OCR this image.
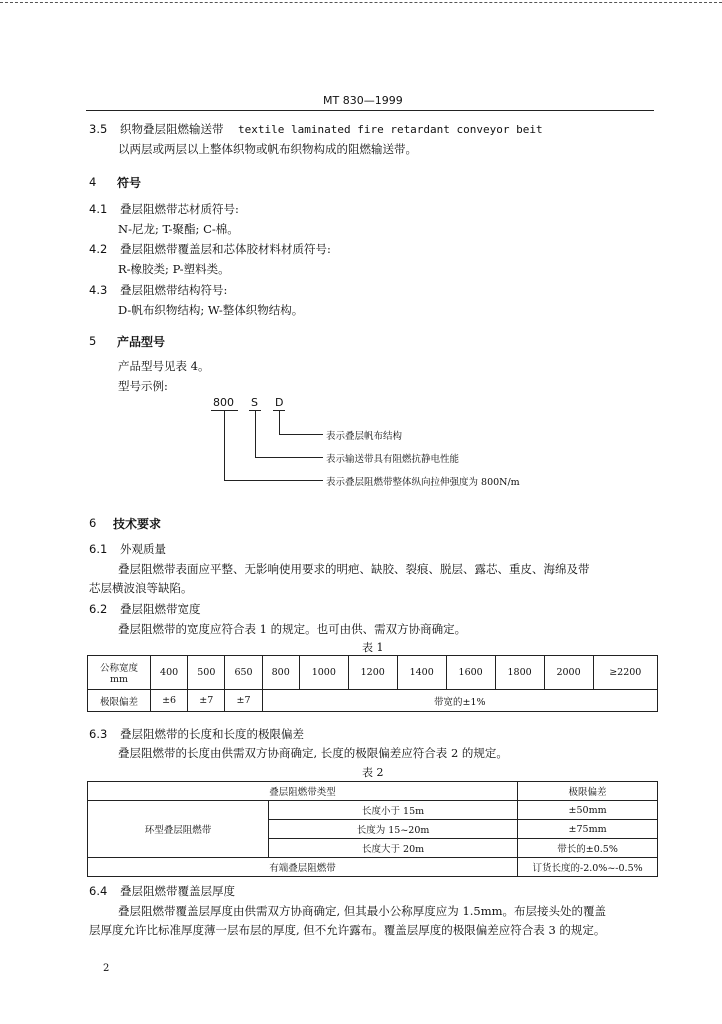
MT 830—1999
3.5 织物叠层阻燃输送带 textile laminated fire retardant conveyor beit
以两层或两层以上整体织物或帆布织物构成的阻燃输送带。
4 符号
4.1 叠层阻燃带芯材质符号:
N-尼龙; T-聚酯; C-棉。
4.2 叠层阻燃带覆盖层和芯体胶材料材质符号:
R-橡胶类; P-塑料类。
4.3 叠层阻燃带结构符号:
D-帆布织物结构; W-整体织物结构。
5 产品型号
产品型号见表 4。
型号示例:
800 S D
表示叠层帆布结构
表示输送带具有阻燃抗静电性能
表示叠层阻燃带整体纵向拉伸强度为 800N/m
6 技术要求
6.1 外观质量
叠层阻燃带表面应平整、无影响使用要求的明疤、缺胶、裂痕、脱层、露芯、重皮、海绵及带
芯层横波浪等缺陷。
6.2 叠层阻燃带宽度
叠层阻燃带的宽度应符合表 1 的规定。也可由供、需双方协商确定。
表 1
公称宽度
mm	400	500	650	800	1000	1200	1400	1600	1800	2000	≥2200
极限偏差	±6	±7	±7	带宽的±1%							
6.3 叠层阻燃带的长度和长度的极限偏差
叠层阻燃带的长度由供需双方协商确定, 长度的极限偏差应符合表 2 的规定。
表 2
叠层阻燃带类型		极限偏差
环型叠层阻燃带	长度小于 15m	±50mm
	长度为 15~20m	±75mm
	长度大于 20m	带长的±0.5%
有端叠层阻燃带		订货长度的-2.0%~-0.5%
6.4 叠层阻燃带覆盖层厚度
叠层阻燃带覆盖层厚度由供需双方协商确定, 但其最小公称厚度应为 1.5mm。布层接头处的覆盖
层厚度允许比标准厚度薄一层布层的厚度, 但不允许露布。覆盖层厚度的极限偏差应符合表 3 的规定。
2
